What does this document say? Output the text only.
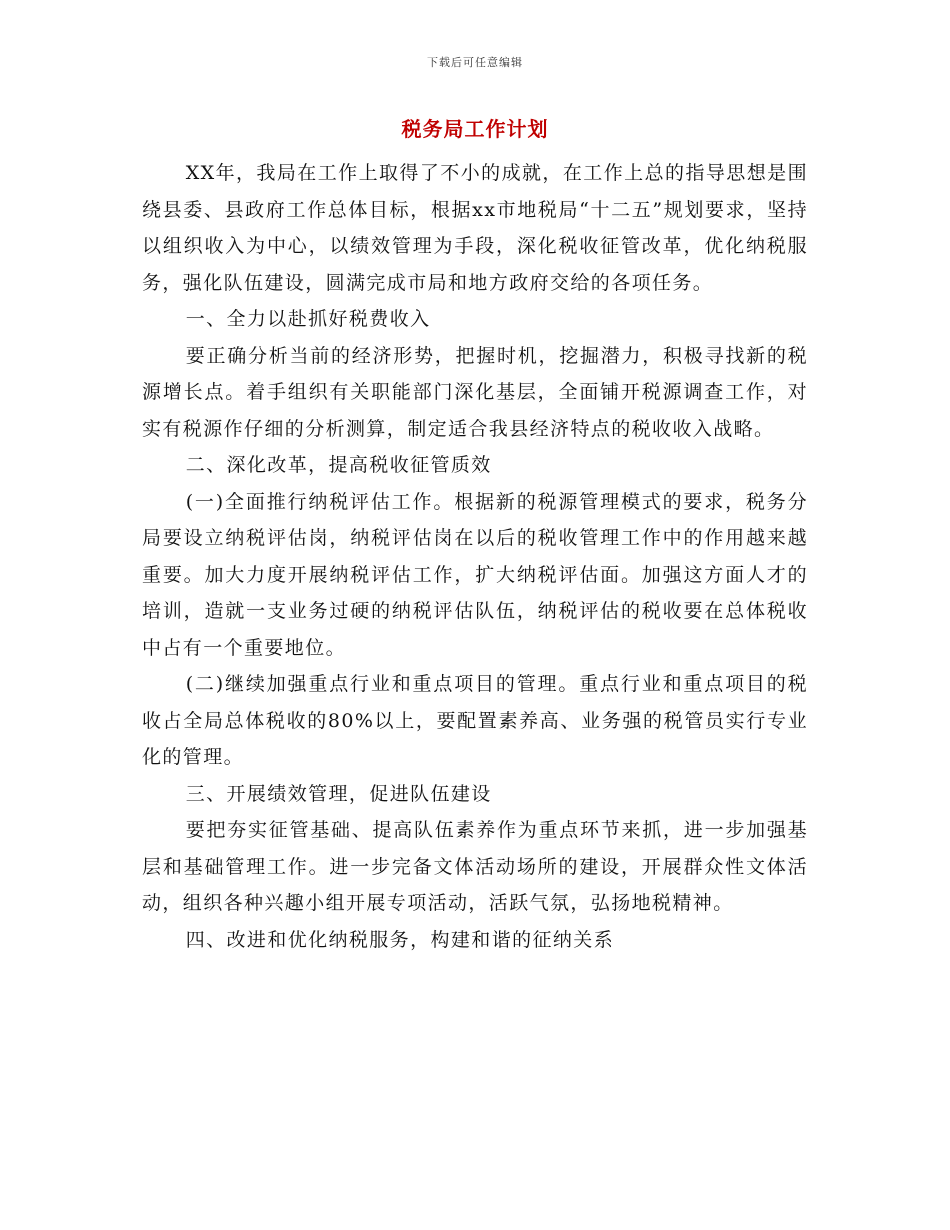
下载后可任意编辑
税务局工作计划

XX年，我局在工作上取得了不小的成就，在工作上总的指导思想是围绕县委、县政府工作总体目标，根据xx市地税局“十二五”规划要求，坚持以组织收入为中心，以绩效管理为手段，深化税收征管改革，优化纳税服务，强化队伍建设，圆满完成市局和地方政府交给的各项任务。

一、全力以赴抓好税费收入

要正确分析当前的经济形势，把握时机，挖掘潜力，积极寻找新的税源增长点。着手组织有关职能部门深化基层，全面铺开税源调查工作，对实有税源作仔细的分析测算，制定适合我县经济特点的税收收入战略。

二、深化改革，提高税收征管质效

(一)全面推行纳税评估工作。根据新的税源管理模式的要求，税务分局要设立纳税评估岗，纳税评估岗在以后的税收管理工作中的作用越来越重要。加大力度开展纳税评估工作，扩大纳税评估面。加强这方面人才的培训，造就一支业务过硬的纳税评估队伍，纳税评估的税收要在总体税收中占有一个重要地位。

(二)继续加强重点行业和重点项目的管理。重点行业和重点项目的税收占全局总体税收的80%以上，要配置素养高、业务强的税管员实行专业化的管理。

三、开展绩效管理，促进队伍建设

要把夯实征管基础、提高队伍素养作为重点环节来抓，进一步加强基层和基础管理工作。进一步完备文体活动场所的建设，开展群众性文体活动，组织各种兴趣小组开展专项活动，活跃气氛，弘扬地税精神。

四、改进和优化纳税服务，构建和谐的征纳关系
